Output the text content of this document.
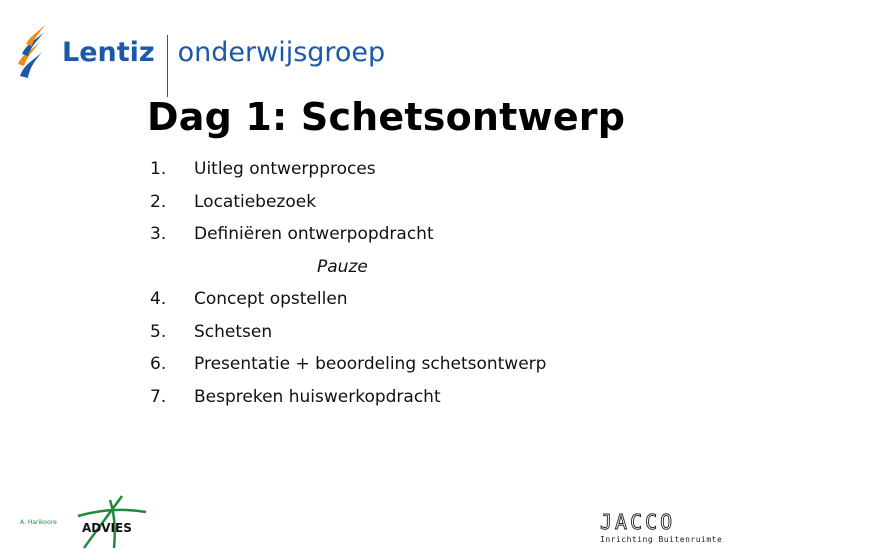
Lentiz onderwijsgroep
Dag 1: Schetsontwerp
1.	Uitleg ontwerpproces
2.	Locatiebezoek
3.	Definiëren ontwerpopdracht
Pauze
4.	Concept opstellen
5.	Schetsen
6.	Presentatie + beoordeling schetsontwerp
7.	Bespreken huiswerkopdracht
A. Harikoore ADVIES	JACCO
Inrichting Buitenruimte
